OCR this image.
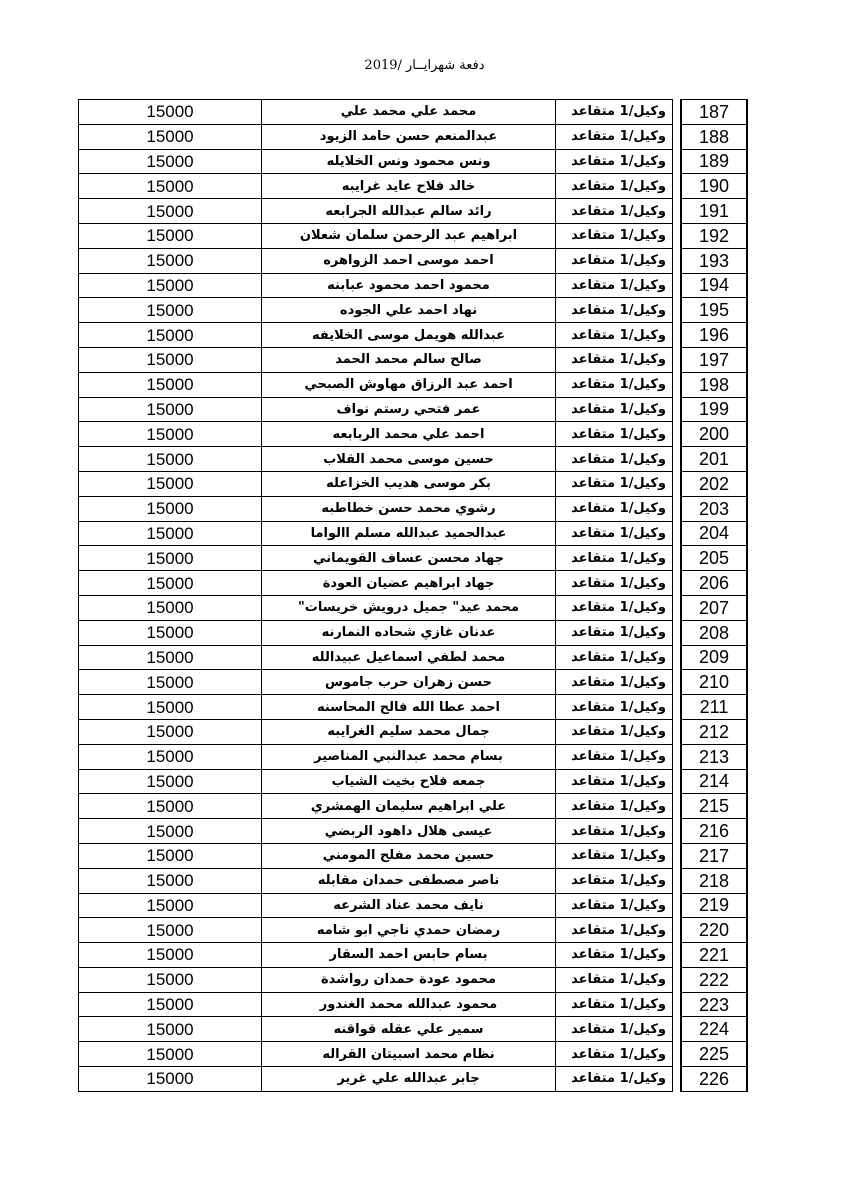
دفعة شهرايــار /2019
15000	محمد علي محمد علي	وكيل/1 متقاعد		187
15000	عبدالمنعم حسن حامد الزيود	وكيل/1 متقاعد		188
15000	ونس محمود ونس الخلايله	وكيل/1 متقاعد		189
15000	خالد فلاح عايد غرايبه	وكيل/1 متقاعد		190
15000	رائد سالم عبدالله الجرابعه	وكيل/1 متقاعد		191
15000	ابراهيم عبد الرحمن سلمان شعلان	وكيل/1 متقاعد		192
15000	احمد موسى احمد الزواهره	وكيل/1 متقاعد		193
15000	محمود احمد محمود عبابنه	وكيل/1 متقاعد		194
15000	نهاد احمد علي الجوده	وكيل/1 متقاعد		195
15000	عبدالله هويمل موسى الخلايفه	وكيل/1 متقاعد		196
15000	صالح سالم محمد الحمد	وكيل/1 متقاعد		197
15000	احمد عبد الرزاق مهاوش الصبحي	وكيل/1 متقاعد		198
15000	عمر فتحي رستم نواف	وكيل/1 متقاعد		199
15000	احمد علي محمد الربابعه	وكيل/1 متقاعد		200
15000	حسين موسى محمد القلاب	وكيل/1 متقاعد		201
15000	بكر موسى هديب الخزاعله	وكيل/1 متقاعد		202
15000	رشوي محمد حسن خطاطبه	وكيل/1 متقاعد		203
15000	عبدالحميد عبدالله مسلم االواما	وكيل/1 متقاعد		204
15000	جهاد محسن عساف القويماني	وكيل/1 متقاعد		205
15000	جهاد ابراهيم عضيان العودة	وكيل/1 متقاعد		206
15000	محمد عيد" جميل درويش خريسات"	وكيل/1 متقاعد		207
15000	عدنان غازي شحاده النمارنه	وكيل/1 متقاعد		208
15000	محمد لطفي اسماعيل عبيدالله	وكيل/1 متقاعد		209
15000	حسن زهران حرب جاموس	وكيل/1 متقاعد		210
15000	احمد عطا الله فالح المحاسنه	وكيل/1 متقاعد		211
15000	جمال محمد سليم الغرايبه	وكيل/1 متقاعد		212
15000	بسام محمد عبدالنبي المناصير	وكيل/1 متقاعد		213
15000	جمعه فلاح بخيت الشياب	وكيل/1 متقاعد		214
15000	علي ابراهيم سليمان الهمشري	وكيل/1 متقاعد		215
15000	عيسى هلال داهود الربضي	وكيل/1 متقاعد		216
15000	حسين محمد مفلح المومني	وكيل/1 متقاعد		217
15000	ناصر مصطفى حمدان مقابله	وكيل/1 متقاعد		218
15000	نايف محمد عناد الشرعه	وكيل/1 متقاعد		219
15000	رمضان حمدي ناجي ابو شامه	وكيل/1 متقاعد		220
15000	بسام حابس احمد السقار	وكيل/1 متقاعد		221
15000	محمود عودة حمدان رواشدة	وكيل/1 متقاعد		222
15000	محمود عبدالله محمد الغندور	وكيل/1 متقاعد		223
15000	سمير علي عقله قواقنه	وكيل/1 متقاعد		224
15000	نظام محمد اسبيتان القراله	وكيل/1 متقاعد		225
15000	جابر عبدالله علي غرير	وكيل/1 متقاعد		226
